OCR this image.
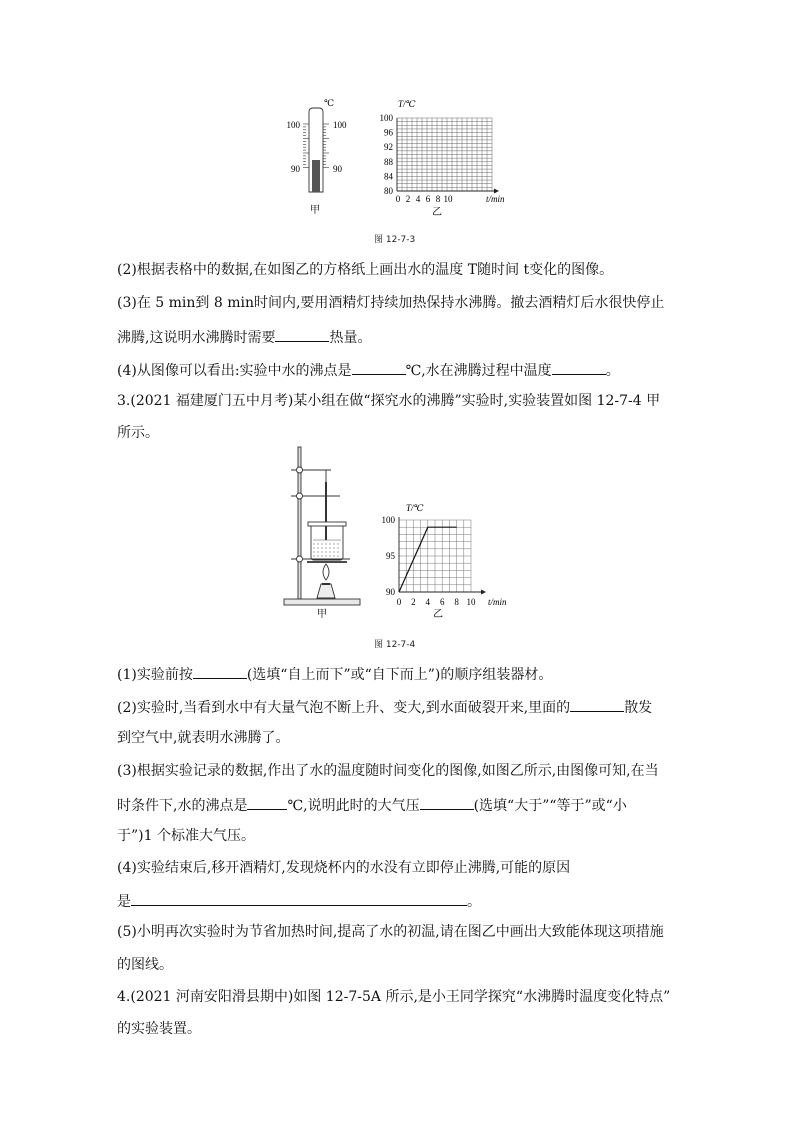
℃
100	100
90	90
甲
T/℃
100
96
92
88
84
80
0 2 4 6 8 10	t/min
乙
图 12-7-3
(2)根据表格中的数据,在如图乙的方格纸上画出水的温度 T随时间 t变化的图像。
(3)在 5 min到 8 min时间内,要用酒精灯持续加热保持水沸腾。撤去酒精灯后水很快停止
沸腾,这说明水沸腾时需要	热量。
(4)从图像可以看出:实验中水的沸点是	℃,水在沸腾过程中温度	。
3.(2021 福建厦门五中月考)某小组在做“探究水的沸腾”实验时,实验装置如图 12-7-4 甲
所示。
甲
T/℃
90
95
100
0 2 4 6 8 10 t/min
乙
图 12-7-4
(1)实验前按	(选填“自上而下”或“自下而上”)的顺序组装器材。
(2)实验时,当看到水中有大量气泡不断上升、变大,到水面破裂开来,里面的	散发
到空气中,就表明水沸腾了。
(3)根据实验记录的数据,作出了水的温度随时间变化的图像,如图乙所示,由图像可知,在当
时条件下,水的沸点是	℃,说明此时的大气压	(选填“大于”“等于”或“小
于”)1 个标准大气压。
(4)实验结束后,移开酒精灯,发现烧杯内的水没有立即停止沸腾,可能的原因
是	。
(5)小明再次实验时为节省加热时间,提高了水的初温,请在图乙中画出大致能体现这项措施
的图线。
4.(2021 河南安阳滑县期中)如图 12-7-5A 所示,是小王同学探究“水沸腾时温度变化特点”
的实验装置。
